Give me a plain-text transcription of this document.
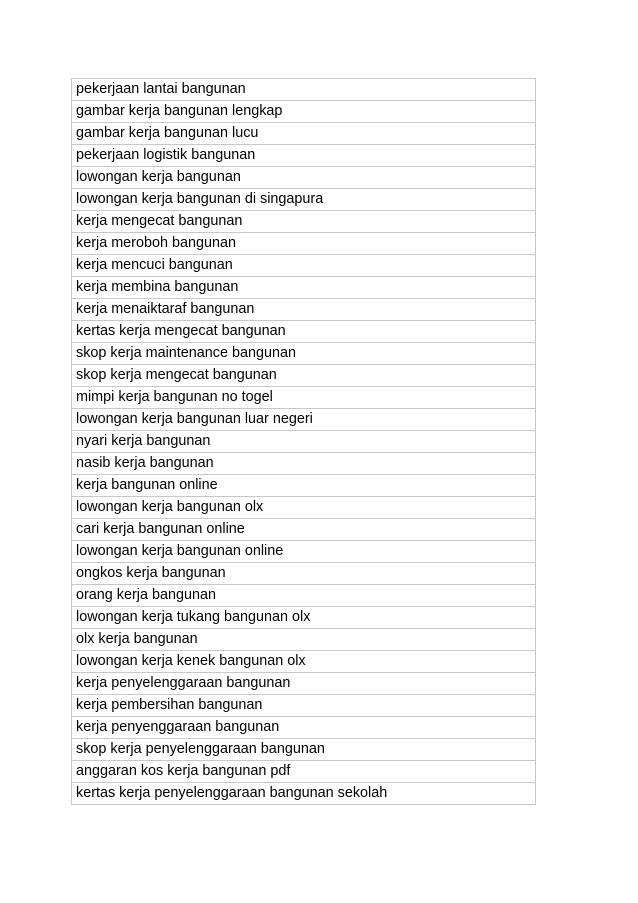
pekerjaan lantai bangunan
gambar kerja bangunan lengkap
gambar kerja bangunan lucu
pekerjaan logistik bangunan
lowongan kerja bangunan
lowongan kerja bangunan di singapura
kerja mengecat bangunan
kerja meroboh bangunan
kerja mencuci bangunan
kerja membina bangunan
kerja menaiktaraf bangunan
kertas kerja mengecat bangunan
skop kerja maintenance bangunan
skop kerja mengecat bangunan
mimpi kerja bangunan no togel
lowongan kerja bangunan luar negeri
nyari kerja bangunan
nasib kerja bangunan
kerja bangunan online
lowongan kerja bangunan olx
cari kerja bangunan online
lowongan kerja bangunan online
ongkos kerja bangunan
orang kerja bangunan
lowongan kerja tukang bangunan olx
olx kerja bangunan
lowongan kerja kenek bangunan olx
kerja penyelenggaraan bangunan
kerja pembersihan bangunan
kerja penyenggaraan bangunan
skop kerja penyelenggaraan bangunan
anggaran kos kerja bangunan pdf
kertas kerja penyelenggaraan bangunan sekolah
